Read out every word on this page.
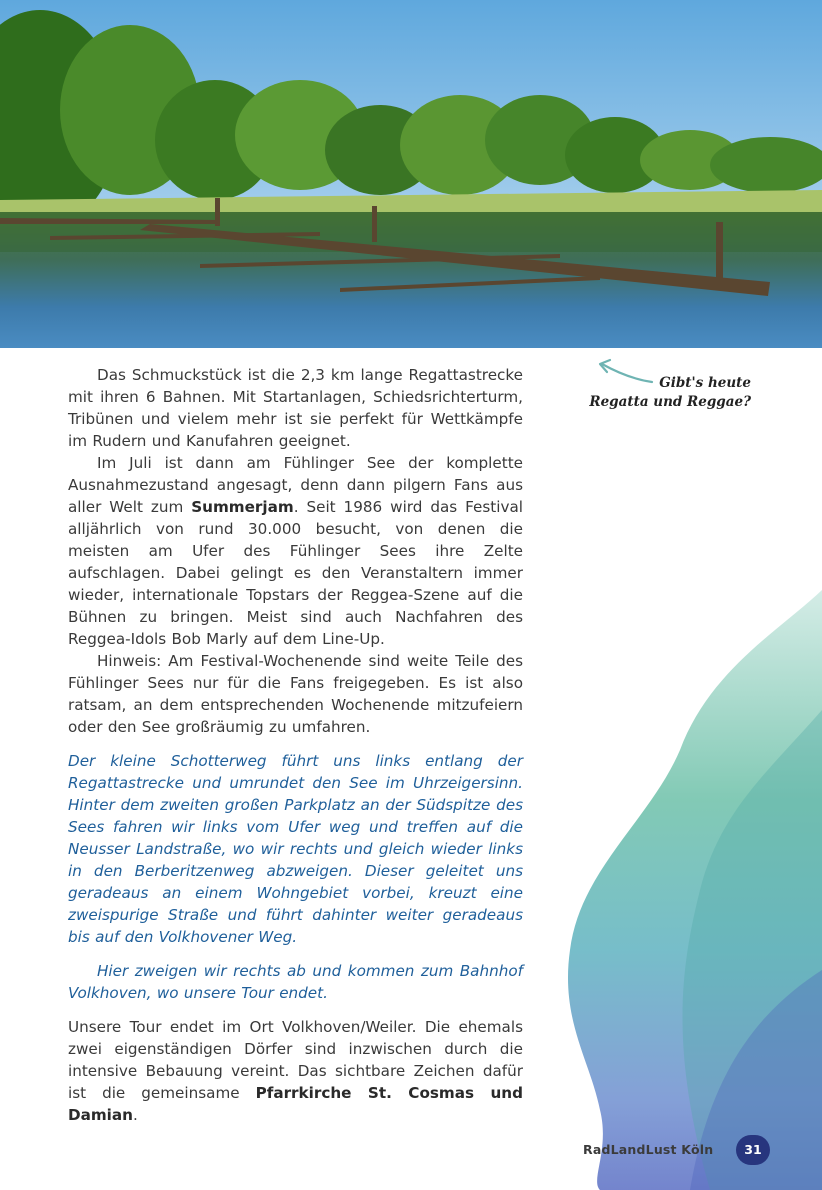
Gibt's heute
Regatta und Reggae?

Das Schmuckstück ist die 2,3 km lange Regattastrecke mit ihren 6 Bahnen. Mit Startanlagen, Schiedsrichterturm, Tribünen und vielem mehr ist sie perfekt für Wettkämpfe im Rudern und Kanufahren geeignet.

Im Juli ist dann am Fühlinger See der komplette Ausnahmezustand angesagt, denn dann pilgern Fans aus aller Welt zum Summerjam. Seit 1986 wird das Festival alljährlich von rund 30.000 besucht, von denen die meisten am Ufer des Fühlinger Sees ihre Zelte aufschlagen. Dabei gelingt es den Veranstaltern immer wieder, internationale Topstars der Reggea-Szene auf die Bühnen zu bringen. Meist sind auch Nachfahren des Reggea-Idols Bob Marly auf dem Line-Up.

Hinweis: Am Festival-Wochenende sind weite Teile des Fühlinger Sees nur für die Fans freigegeben. Es ist also ratsam, an dem entsprechenden Wochenende mitzufeiern oder den See großräumig zu umfahren.

Der kleine Schotterweg führt uns links entlang der Regattastrecke und umrundet den See im Uhrzeigersinn. Hinter dem zweiten großen Parkplatz an der Südspitze des Sees fahren wir links vom Ufer weg und treffen auf die Neusser Landstraße, wo wir rechts und gleich wieder links in den Berberitzenweg abzweigen. Dieser geleitet uns geradeaus an einem Wohngebiet vorbei, kreuzt eine zweispurige Straße und führt dahinter weiter geradeaus bis auf den Volkhovener Weg.

Hier zweigen wir rechts ab und kommen zum Bahnhof Volkhoven, wo unsere Tour endet.

Unsere Tour endet im Ort Volkhoven/Weiler. Die ehemals zwei eigenständigen Dörfer sind inzwischen durch die intensive Bebauung vereint. Das sichtbare Zeichen dafür ist die gemeinsame Pfarrkirche St. Cosmas und Damian.

RadLandLust Köln	31
